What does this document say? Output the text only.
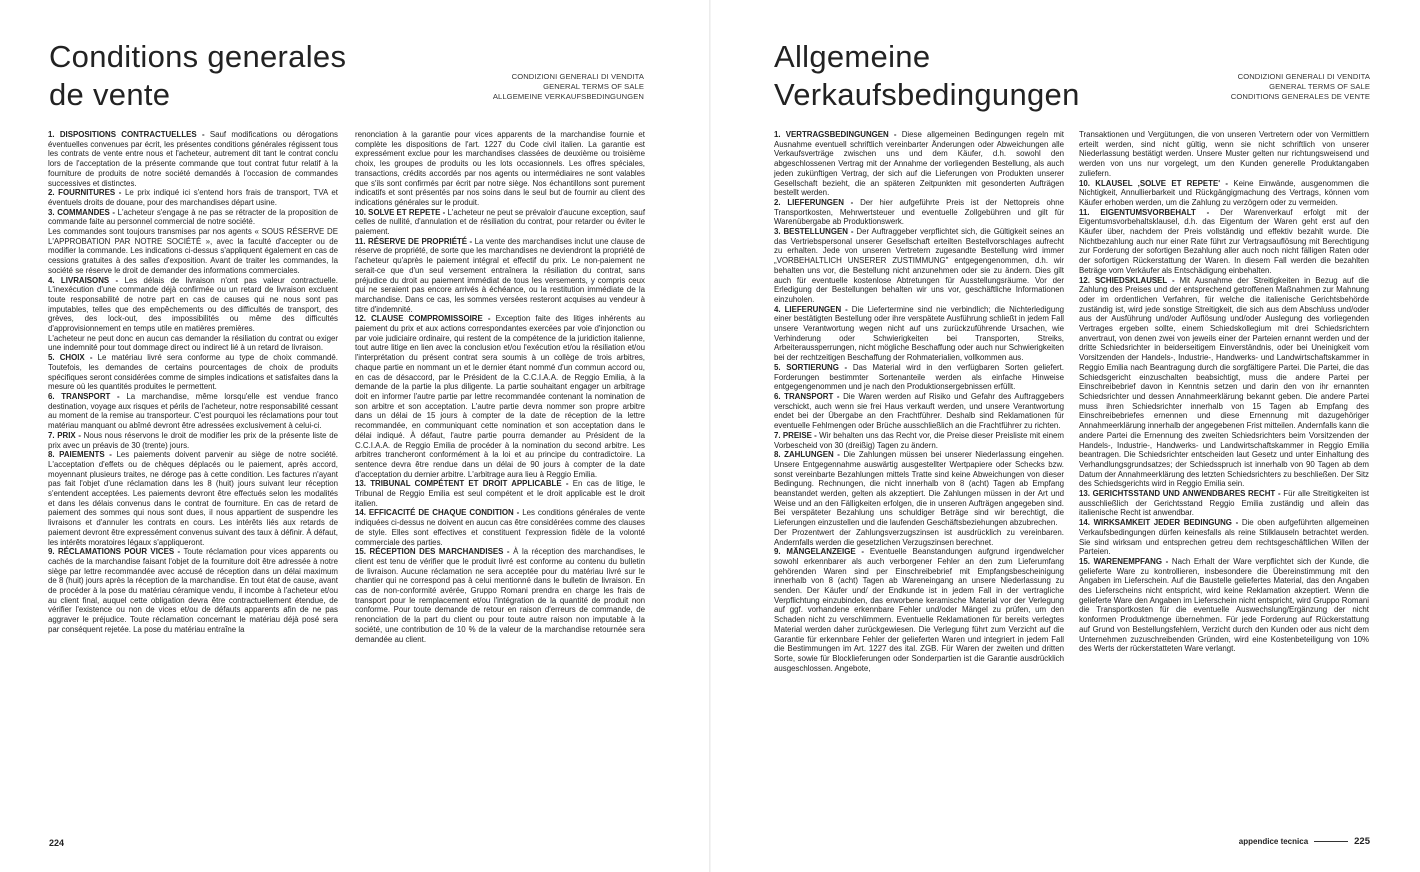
Conditions generales
de vente
CONDIZIONI GENERALI DI VENDITA
GENERAL TERMS OF SALE
ALLGEMEINE VERKAUFSBEDINGUNGEN

1. DISPOSITIONS CONTRACTUELLES - Sauf modifications ou dérogations éventuelles convenues par écrit, les présentes conditions générales régissent tous les contrats de vente entre nous et l'acheteur, autrement dit tant le contrat conclu lors de l'acceptation de la présente commande que tout contrat futur relatif à la fourniture de produits de notre société demandés à l'occasion de commandes successives et distinctes.

2. FOURNITURES - Le prix indiqué ici s'entend hors frais de transport, TVA et éventuels droits de douane, pour des marchandises départ usine.

3. COMMANDES - L'acheteur s'engage à ne pas se rétracter de la proposition de commande faite au personnel commercial de notre société.

Les commandes sont toujours transmises par nos agents « SOUS RÉSERVE DE L'APPROBATION PAR NOTRE SOCIÉTÉ », avec la faculté d'accepter ou de modifier la commande. Les indications ci-dessus s'appliquent également en cas de cessions gratuites à des salles d'exposition. Avant de traiter les commandes, la société se réserve le droit de demander des informations commerciales.

4. LIVRAISONS - Les délais de livraison n'ont pas valeur contractuelle. L'inexécution d'une commande déjà confirmée ou un retard de livraison excluent toute responsabilité de notre part en cas de causes qui ne nous sont pas imputables, telles que des empêchements ou des difficultés de transport, des grèves, des lock-out, des impossibilités ou même des difficultés d'approvisionnement en temps utile en matières premières.

L'acheteur ne peut donc en aucun cas demander la résiliation du contrat ou exiger une indemnité pour tout dommage direct ou indirect lié à un retard de livraison.

5. CHOIX - Le matériau livré sera conforme au type de choix commandé. Toutefois, les demandes de certains pourcentages de choix de produits spécifiques seront considérées comme de simples indications et satisfaites dans la mesure où les quantités produites le permettent.

6. TRANSPORT - La marchandise, même lorsqu'elle est vendue franco destination, voyage aux risques et périls de l'acheteur, notre responsabilité cessant au moment de la remise au transporteur. C'est pourquoi les réclamations pour tout matériau manquant ou abîmé devront être adressées exclusivement à celui-ci.

7. PRIX - Nous nous réservons le droit de modifier les prix de la présente liste de prix avec un préavis de 30 (trente) jours.

8. PAIEMENTS - Les paiements doivent parvenir au siège de notre société. L'acceptation d'effets ou de chèques déplacés ou le paiement, après accord, moyennant plusieurs traites, ne déroge pas à cette condition. Les factures n'ayant pas fait l'objet d'une réclamation dans les 8 (huit) jours suivant leur réception s'entendent acceptées. Les paiements devront être effectués selon les modalités et dans les délais convenus dans le contrat de fourniture. En cas de retard de paiement des sommes qui nous sont dues, il nous appartient de suspendre les livraisons et d'annuler les contrats en cours. Les intérêts liés aux retards de paiement devront être expressément convenus suivant des taux à définir. À défaut, les intérêts moratoires légaux s'appliqueront.

9. RÉCLAMATIONS POUR VICES - Toute réclamation pour vices apparents ou cachés de la marchandise faisant l'objet de la fourniture doit être adressée à notre siège par lettre recommandée avec accusé de réception dans un délai maximum de 8 (huit) jours après la réception de la marchandise. En tout état de cause, avant de procéder à la pose du matériau céramique vendu, il incombe à l'acheteur et/ou au client final, auquel cette obligation devra être contractuellement étendue, de vérifier l'existence ou non de vices et/ou de défauts apparents afin de ne pas aggraver le préjudice. Toute réclamation concernant le matériau déjà posé sera par conséquent rejetée. La pose du matériau entraîne la

renonciation à la garantie pour vices apparents de la marchandise fournie et complète les dispositions de l'art. 1227 du Code civil italien. La garantie est expressément exclue pour les marchandises classées de deuxième ou troisième choix, les groupes de produits ou les lots occasionnels. Les offres spéciales, transactions, crédits accordés par nos agents ou intermédiaires ne sont valables que s'ils sont confirmés par écrit par notre siège. Nos échantillons sont purement indicatifs et sont présentés par nos soins dans le seul but de fournir au client des indications générales sur le produit.

10. SOLVE ET REPETE - L'acheteur ne peut se prévaloir d'aucune exception, sauf celles de nullité, d'annulation et de résiliation du contrat, pour retarder ou éviter le paiement.

11. RÉSERVE DE PROPRIÉTÉ - La vente des marchandises inclut une clause de réserve de propriété, de sorte que les marchandises ne deviendront la propriété de l'acheteur qu'après le paiement intégral et effectif du prix. Le non-paiement ne serait-ce que d'un seul versement entraînera la résiliation du contrat, sans préjudice du droit au paiement immédiat de tous les versements, y compris ceux qui ne seraient pas encore arrivés à échéance, ou la restitution immédiate de la marchandise. Dans ce cas, les sommes versées resteront acquises au vendeur à titre d'indemnité.

12. CLAUSE COMPROMISSOIRE - Exception faite des litiges inhérents au paiement du prix et aux actions correspondantes exercées par voie d'injonction ou par voie judiciaire ordinaire, qui restent de la compétence de la juridiction italienne, tout autre litige en lien avec la conclusion et/ou l'exécution et/ou la résiliation et/ou l'interprétation du présent contrat sera soumis à un collège de trois arbitres, chaque partie en nommant un et le dernier étant nommé d'un commun accord ou, en cas de désaccord, par le Président de la C.C.I.A.A. de Reggio Emilia, à la demande de la partie la plus diligente. La partie souhaitant engager un arbitrage doit en informer l'autre partie par lettre recommandée contenant la nomination de son arbitre et son acceptation. L'autre partie devra nommer son propre arbitre dans un délai de 15 jours à compter de la date de réception de la lettre recommandée, en communiquant cette nomination et son acceptation dans le délai indiqué. À défaut, l'autre partie pourra demander au Président de la C.C.I.A.A. de Reggio Emilia de procéder à la nomination du second arbitre. Les arbitres trancheront conformément à la loi et au principe du contradictoire. La sentence devra être rendue dans un délai de 90 jours à compter de la date d'acceptation du dernier arbitre. L'arbitrage aura lieu à Reggio Emilia.

13. TRIBUNAL COMPÉTENT ET DROIT APPLICABLE - En cas de litige, le Tribunal de Reggio Emilia est seul compétent et le droit applicable est le droit italien.

14. EFFICACITÉ DE CHAQUE CONDITION - Les conditions générales de vente indiquées ci-dessus ne doivent en aucun cas être considérées comme des clauses de style. Elles sont effectives et constituent l'expression fidèle de la volonté commerciale des parties.

15. RÉCEPTION DES MARCHANDISES - À la réception des marchandises, le client est tenu de vérifier que le produit livré est conforme au contenu du bulletin de livraison. Aucune réclamation ne sera acceptée pour du matériau livré sur le chantier qui ne correspond pas à celui mentionné dans le bulletin de livraison. En cas de non-conformité avérée, Gruppo Romani prendra en charge les frais de transport pour le remplacement et/ou l'intégration de la quantité de produit non conforme. Pour toute demande de retour en raison d'erreurs de commande, de renonciation de la part du client ou pour toute autre raison non imputable à la société, une contribution de 10 % de la valeur de la marchandise retournée sera demandée au client.

224
Allgemeine
Verkaufsbedingungen
CONDIZIONI GENERALI DI VENDITA
GENERAL TERMS OF SALE
CONDITIONS GENERALES DE VENTE

1. VERTRAGSBEDINGUNGEN - Diese allgemeinen Bedingungen regeln mit Ausnahme eventuell schriftlich vereinbarter Änderungen oder Abweichungen alle Verkaufsverträge zwischen uns und dem Käufer, d.h. sowohl den abgeschlossenen Vertrag mit der Annahme der vorliegenden Bestellung, als auch jeden zukünftigen Vertrag, der sich auf die Lieferungen von Produkten unserer Gesellschaft bezieht, die an späteren Zeitpunkten mit gesonderten Aufträgen bestellt werden.

2. LIEFERUNGEN - Der hier aufgeführte Preis ist der Nettopreis ohne Transportkosten, Mehrwertsteuer und eventuelle Zollgebühren und gilt für Warenübergabe ab Produktionswerk.

3. BESTELLUNGEN - Der Auftraggeber verpflichtet sich, die Gültigkeit seines an das Vertriebspersonal unserer Gesellschaft erteilten Bestellvorschlages aufrecht zu erhalten. Jede von unseren Vertretern zugesandte Bestellung wird immer „VORBEHALTLICH UNSERER ZUSTIMMUNG" entgegengenommen, d.h. wir behalten uns vor, die Bestellung nicht anzunehmen oder sie zu ändern. Dies gilt auch für eventuelle kostenlose Abtretungen für Ausstellungsräume. Vor der Erledigung der Bestellungen behalten wir uns vor, geschäftliche Informationen einzuholen.

4. LIEFERUNGEN - Die Liefertermine sind nie verbindlich; die Nichterledigung einer bestätigten Bestellung oder ihre verspätete Ausführung schließt in jedem Fall unsere Verantwortung wegen nicht auf uns zurückzuführende Ursachen, wie Verhinderung oder Schwierigkeiten bei Transporten, Streiks, Arbeiteraussperrungen, nicht mögliche Beschaffung oder auch nur Schwierigkeiten bei der rechtzeitigen Beschaffung der Rohmaterialien, vollkommen aus.

5. SORTIERUNG - Das Material wird in den verfügbaren Sorten geliefert. Forderungen bestimmter Sortenanteile werden als einfache Hinweise entgegengenommen und je nach den Produktionsergebnissen erfüllt.

6. TRANSPORT - Die Waren werden auf Risiko und Gefahr des Auftraggebers verschickt, auch wenn sie frei Haus verkauft werden, und unsere Verantwortung endet bei der Übergabe an den Frachtführer. Deshalb sind Reklamationen für eventuelle Fehlmengen oder Brüche ausschließlich an die Frachtführer zu richten.

7. PREISE - Wir behalten uns das Recht vor, die Preise dieser Preisliste mit einem Vorbescheid von 30 (dreißig) Tagen zu ändern.

8. ZAHLUNGEN - Die Zahlungen müssen bei unserer Niederlassung eingehen. Unsere Entgegennahme auswärtig ausgestellter Wertpapiere oder Schecks bzw. sonst vereinbarte Bezahlungen mittels Tratte sind keine Abweichungen von dieser Bedingung. Rechnungen, die nicht innerhalb von 8 (acht) Tagen ab Empfang beanstandet werden, gelten als akzeptiert. Die Zahlungen müssen in der Art und Weise und an den Fälligkeiten erfolgen, die in unseren Aufträgen angegeben sind. Bei verspäteter Bezahlung uns schuldiger Beträge sind wir berechtigt, die Lieferungen einzustellen und die laufenden Geschäftsbeziehungen abzubrechen.

Der Prozentwert der Zahlungsverzugszinsen ist ausdrücklich zu vereinbaren. Andernfalls werden die gesetzlichen Verzugszinsen berechnet.

9. MÄNGELANZEIGE - Eventuelle Beanstandungen aufgrund irgendwelcher sowohl erkennbarer als auch verborgener Fehler an den zum Lieferumfang gehörenden Waren sind per Einschreibebrief mit Empfangsbescheinigung innerhalb von 8 (acht) Tagen ab Wareneingang an unsere Niederlassung zu senden. Der Käufer und/ der Endkunde ist in jedem Fall in der vertragliche Verpflichtung einzubinden, das erworbene keramische Material vor der Verlegung auf ggf. vorhandene erkennbare Fehler und/oder Mängel zu prüfen, um den Schaden nicht zu verschlimmern. Eventuelle Reklamationen für bereits verlegtes Material werden daher zurückgewiesen. Die Verlegung führt zum Verzicht auf die Garantie für erkennbare Fehler der gelieferten Waren und integriert in jedem Fall die Bestimmungen im Art. 1227 des ital. ZGB. Für Waren der zweiten und dritten Sorte, sowie für Blocklieferungen oder Sonderpartien ist die Garantie ausdrücklich ausgeschlossen. Angebote,

Transaktionen und Vergütungen, die von unseren Vertretern oder von Vermittlern erteilt werden, sind nicht gültig, wenn sie nicht schriftlich von unserer Niederlassung bestätigt werden. Unsere Muster gelten nur richtungsweisend und werden von uns nur vorgelegt, um den Kunden generelle Produktangaben zuliefern.

10. KLAUSEL ‚SOLVE ET REPETE' - Keine Einwände, ausgenommen die Nichtigkeit, Annullierbarkeit und Rückgängigmachung des Vertrags, können vom Käufer erhoben werden, um die Zahlung zu verzögern oder zu vermeiden.

11. EIGENTUMSVORBEHALT - Der Warenverkauf erfolgt mit der Eigentumsvorbehaltsklausel, d.h. das Eigentum der Waren geht erst auf den Käufer über, nachdem der Preis vollständig und effektiv bezahlt wurde. Die Nichtbezahlung auch nur einer Rate führt zur Vertragsauflösung mit Berechtigung zur Forderung der sofortigen Bezahlung aller auch noch nicht fälligen Raten oder der sofortigen Rückerstattung der Waren. In diesem Fall werden die bezahlten Beträge vom Verkäufer als Entschädigung einbehalten.

12. SCHIEDSKLAUSEL - Mit Ausnahme der Streitigkeiten in Bezug auf die Zahlung des Preises und der entsprechend getroffenen Maßnahmen zur Mahnung oder im ordentlichen Verfahren, für welche die italienische Gerichtsbehörde zuständig ist, wird jede sonstige Streitigkeit, die sich aus dem Abschluss und/oder aus der Ausführung und/oder Auflösung und/oder Auslegung des vorliegenden Vertrages ergeben sollte, einem Schiedskollegium mit drei Schiedsrichtern anvertraut, von denen zwei von jeweils einer der Parteien ernannt werden und der dritte Schiedsrichter in beiderseitigem Einverständnis, oder bei Uneinigkeit vom Vorsitzenden der Handels-, Industrie-, Handwerks- und Landwirtschaftskammer in Reggio Emilia nach Beantragung durch die sorgfältigere Partei. Die Partei, die das Schiedsgericht einzuschalten beabsichtigt, muss die andere Partei per Einschreibebrief davon in Kenntnis setzen und darin den von ihr ernannten Schiedsrichter und dessen Annahmeerklärung bekannt geben. Die andere Partei muss ihren Schiedsrichter innerhalb von 15 Tagen ab Empfang des Einschreibebriefes ernennen und diese Ernennung mit dazugehöriger Annahmeerklärung innerhalb der angegebenen Frist mitteilen. Andernfalls kann die andere Partei die Ernennung des zweiten Schiedsrichters beim Vorsitzenden der Handels-, Industrie-, Handwerks- und Landwirtschaftskammer in Reggio Emilia beantragen. Die Schiedsrichter entscheiden laut Gesetz und unter Einhaltung des Verhandlungsgrundsatzes; der Schiedsspruch ist innerhalb von 90 Tagen ab dem Datum der Annahmeerklärung des letzten Schiedsrichters zu beschließen. Der Sitz des Schiedsgerichts wird in Reggio Emilia sein.

13. GERICHTSSTAND UND ANWENDBARES RECHT - Für alle Streitigkeiten ist ausschließlich der Gerichtsstand Reggio Emilia zuständig und allein das italienische Recht ist anwendbar.

14. WIRKSAMKEIT JEDER BEDINGUNG - Die oben aufgeführten allgemeinen Verkaufsbedingungen dürfen keinesfalls als reine Stilklauseln betrachtet werden. Sie sind wirksam und entsprechen getreu dem rechtsgeschäftlichen Willen der Parteien.

15. WARENEMPFANG - Nach Erhalt der Ware verpflichtet sich der Kunde, die gelieferte Ware zu kontrollieren, insbesondere die Übereinstimmung mit den Angaben im Lieferschein. Auf die Baustelle geliefertes Material, das den Angaben des Lieferscheins nicht entspricht, wird keine Reklamation akzeptiert. Wenn die gelieferte Ware den Angaben im Lieferschein nicht entspricht, wird Gruppo Romani die Transportkosten für die eventuelle Auswechslung/Ergänzung der nicht konformen Produktmenge übernehmen. Für jede Forderung auf Rückerstattung auf Grund von Bestellungsfehlern, Verzicht durch den Kunden oder aus nicht dem Unternehmen zuzuschreibenden Gründen, wird eine Kostenbeteiligung von 10% des Werts der rückerstatteten Ware verlangt.

appendice tecnica	225
